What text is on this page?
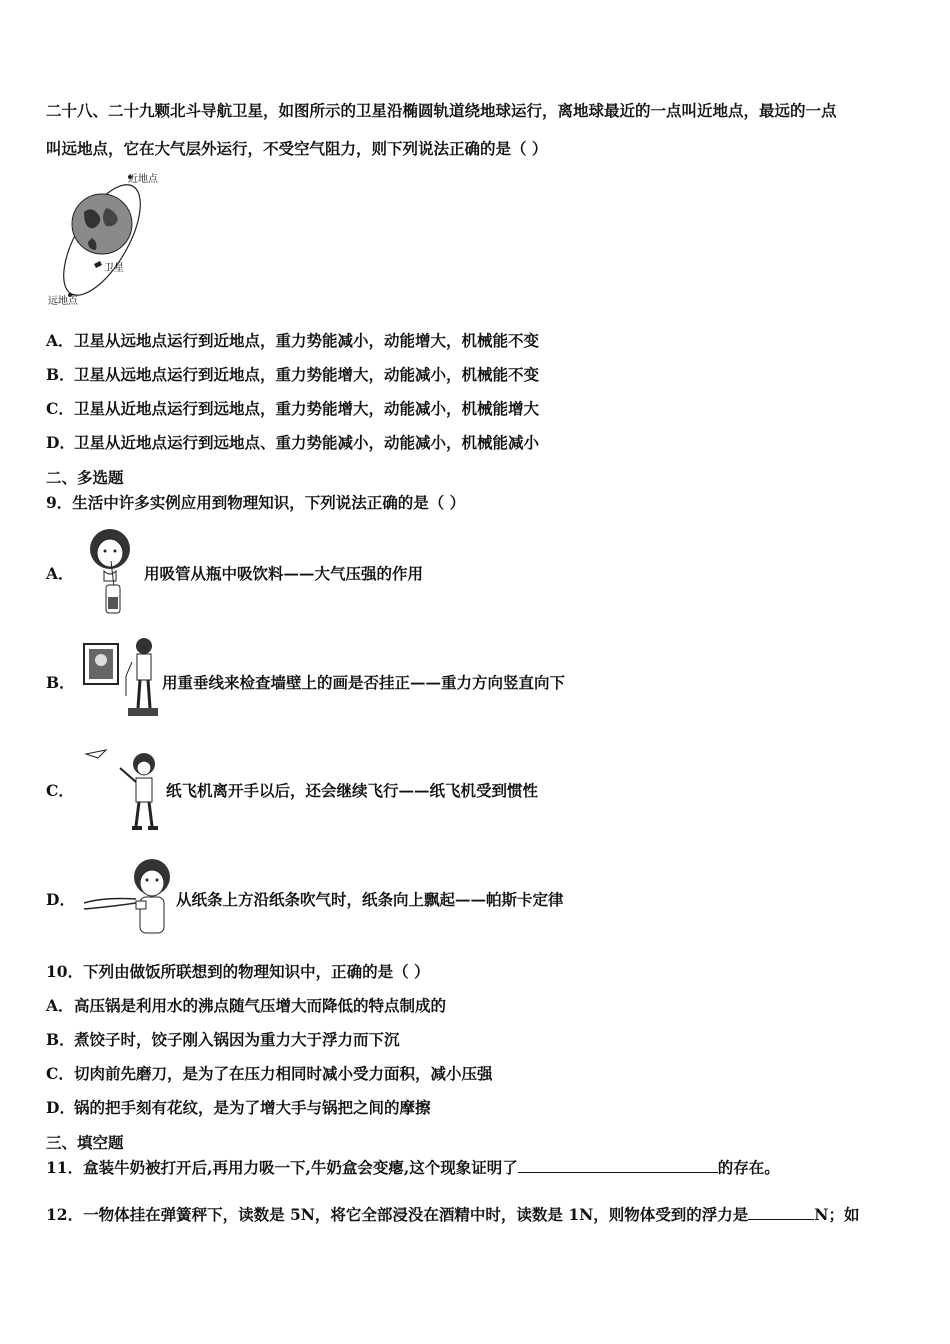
二十八、二十九颗北斗导航卫星，如图所示的卫星沿椭圆轨道绕地球运行，离地球最近的一点叫近地点，最远的一点
叫远地点，它在大气层外运行，不受空气阻力，则下列说法正确的是（ ）
近地点
卫星
远地点
A．卫星从远地点运行到近地点，重力势能减小，动能增大，机械能不变
B．卫星从远地点运行到近地点，重力势能增大，动能减小，机械能不变
C．卫星从近地点运行到远地点，重力势能增大，动能减小，机械能增大
D．卫星从近地点运行到远地点、重力势能减小，动能减小，机械能减小
二、多选题
9．生活中许多实例应用到物理知识，下列说法正确的是（ ）
A．	用吸管从瓶中吸饮料——大气压强的作用
B．	用重垂线来检查墙壁上的画是否挂正——重力方向竖直向下
C．	纸飞机离开手以后，还会继续飞行——纸飞机受到惯性
D．	从纸条上方沿纸条吹气时，纸条向上飘起——帕斯卡定律
10．下列由做饭所联想到的物理知识中，正确的是（ ）
A．高压锅是利用水的沸点随气压增大而降低的特点制成的
B．煮饺子时，饺子刚入锅因为重力大于浮力而下沉
C．切肉前先磨刀，是为了在压力相同时减小受力面积，减小压强
D．锅的把手刻有花纹，是为了增大手与锅把之间的摩擦
三、填空题
11．盒装牛奶被打开后,再用力吸一下,牛奶盒会变瘪,这个现象证明了	的存在。
12．一物体挂在弹簧秤下，读数是 5N，将它全部浸没在酒精中时，读数是 1N，则物体受到的浮力是	N；如
